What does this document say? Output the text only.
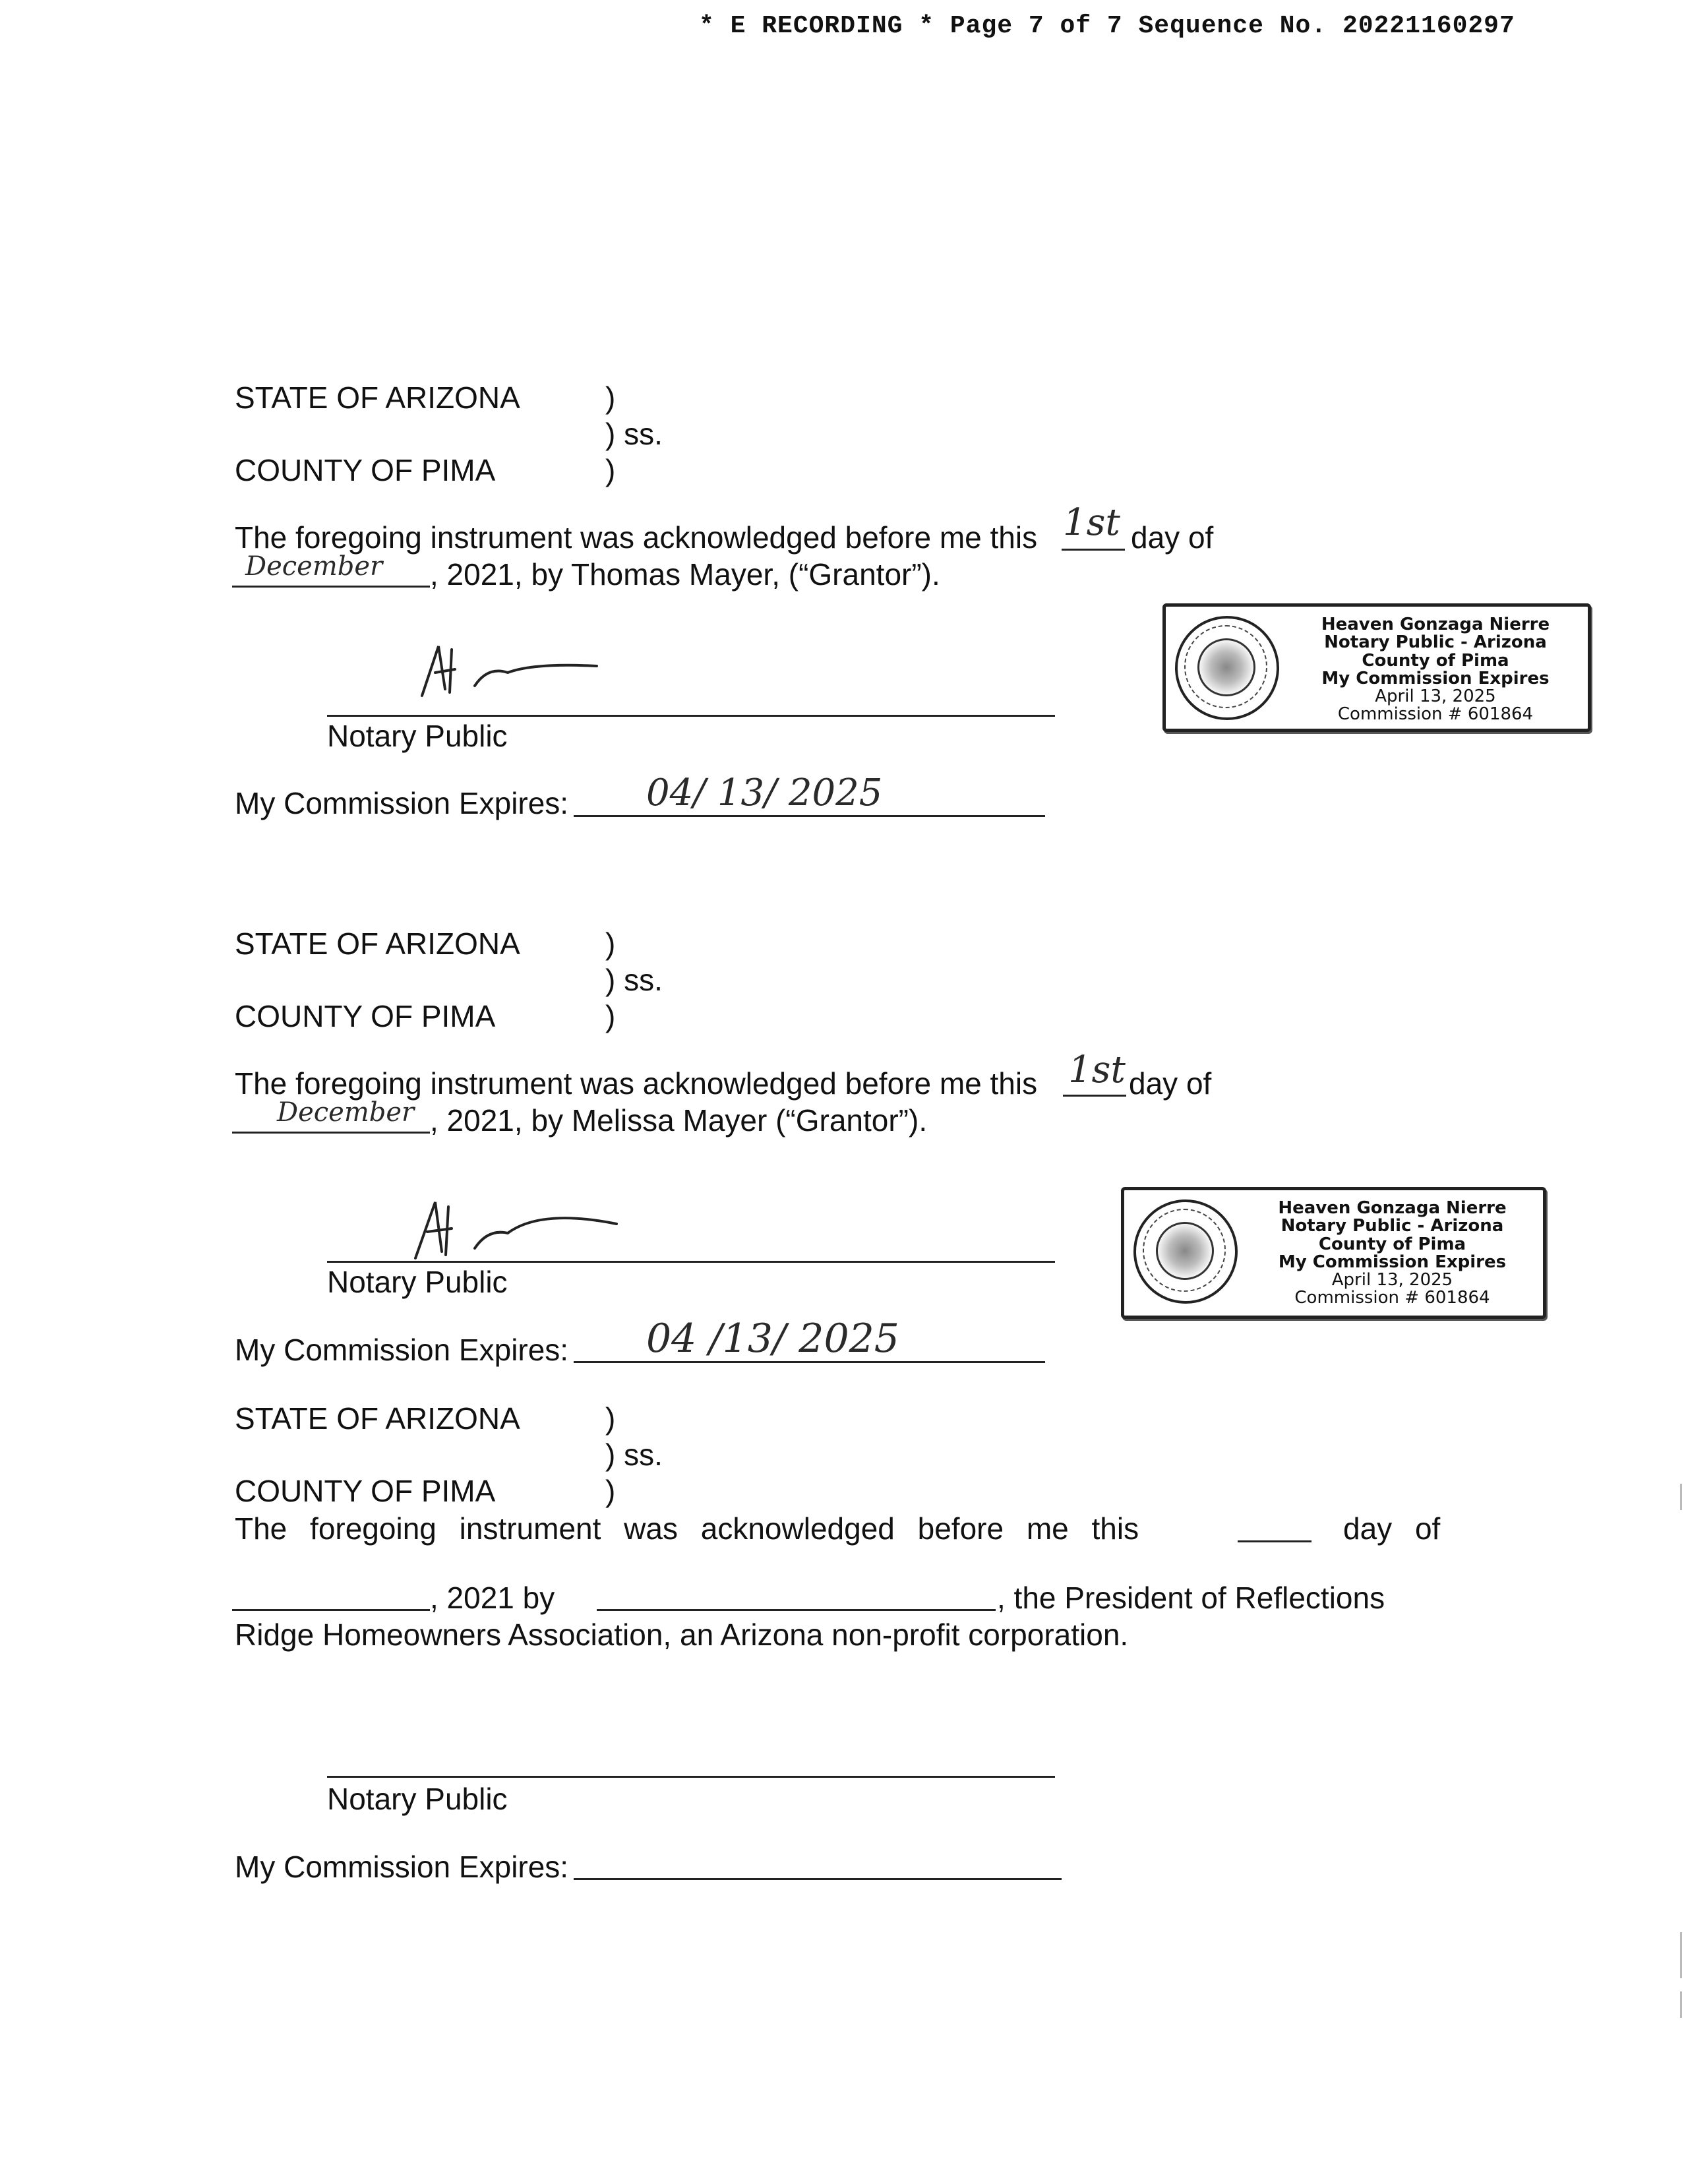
* E RECORDING * Page 7 of 7 Sequence No. 20221160297
STATE OF ARIZONA	)
) ss.
COUNTY OF PIMA	)
The foregoing instrument was acknowledged before me this 1st day of
December , 2021, by Thomas Mayer, (“Grantor”).
Notary Public
My Commission Expires: 04/ 13/ 2025
Heaven Gonzaga Nierre
Notary Public - Arizona
County of Pima
My Commission Expires
April 13, 2025
Commission # 601864
STATE OF ARIZONA	)
) ss.
COUNTY OF PIMA	)
The foregoing instrument was acknowledged before me this 1st day of
December , 2021, by Melissa Mayer (“Grantor”).
Notary Public
My Commission Expires: 04 /13/ 2025
Heaven Gonzaga Nierre
Notary Public - Arizona
County of Pima
My Commission Expires
April 13, 2025
Commission # 601864
STATE OF ARIZONA	)
) ss.
COUNTY OF PIMA	)
The foregoing instrument was acknowledged before me this	day of
, 2021 by	, the President of Reflections
Ridge Homeowners Association, an Arizona non-profit corporation.
Notary Public
My Commission Expires:
